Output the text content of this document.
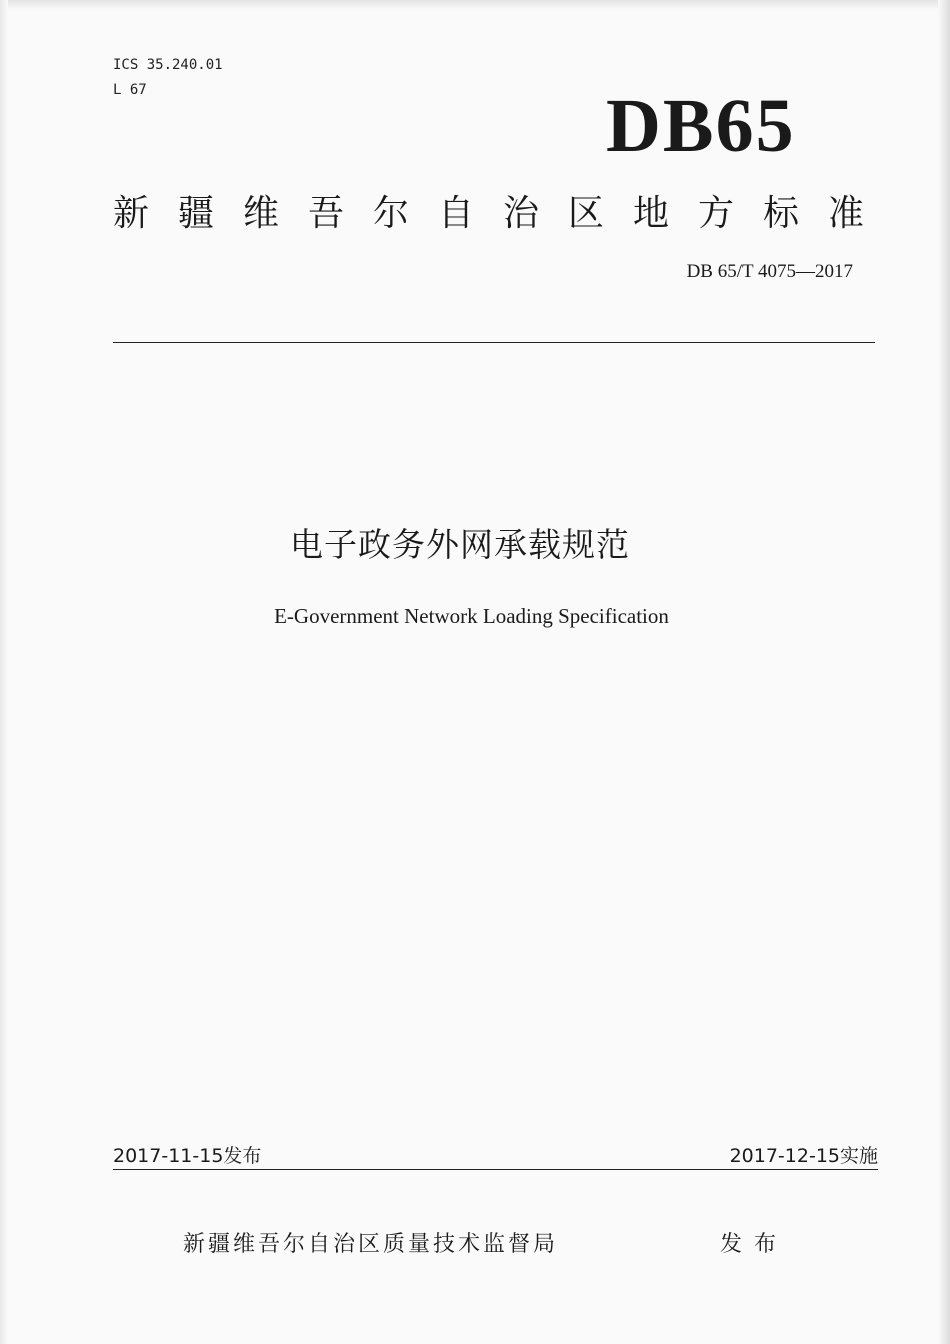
ICS 35.240.01
L 67	DB65
新疆维吾尔自治区地方标准
DB 65/T 4075—2017
电子政务外网承载规范
E-Government Network Loading Specification
2017-11-15发布	2017-12-15实施
新疆维吾尔自治区质量技术监督局	发布
